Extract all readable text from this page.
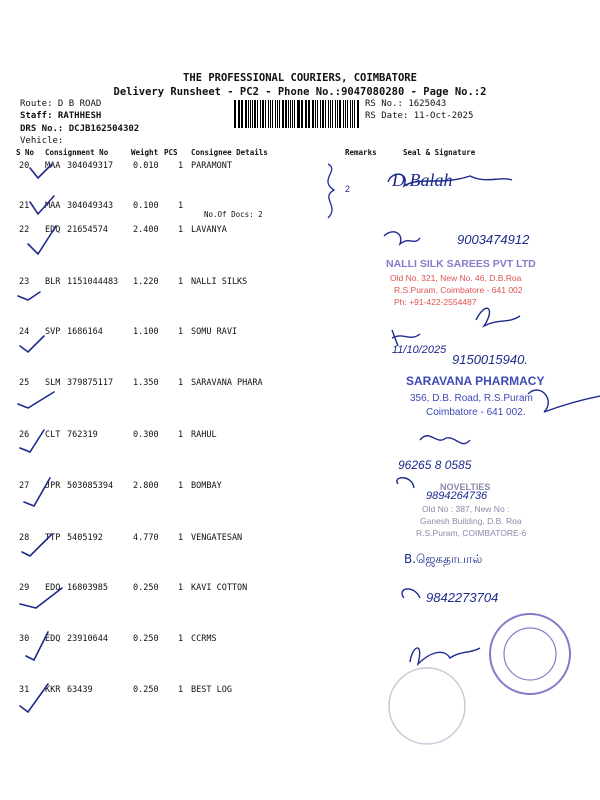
THE PROFESSIONAL COURIERS, COIMBATORE
Delivery Runsheet - PC2 - Phone No.:9047080280 - Page No.:2
Route: D B ROAD
Staff: RATHHESH
DRS No.: DCJB162504302
Vehicle:
RS No.: 1625043
RS Date: 11-Oct-2025
S No Consignment No	Weight PCS Consignee Details	Remarks	Seal & Signature
20 MAA 304049317 0.010 1 PARAMONT
21 MAA 304049343 0.100 1
22 EDQ 21654574	2.400 1 LAVANYA
23 BLR 1151044483 1.220 1 NALLI SILKS
24 SVP 1686164	1.100 1 SOMU RAVI
25 SLM 379875117 1.350 1 SARAVANA PHARA
26 CLT 762319	0.300 1 RAHUL
27 JPR 503085394 2.800 1 BOMBAY
28 TTP 5405192	4.770 1 VENGATESAN
29 EDQ 16803985	0.250 1 KAVI COTTON
30 EDQ 23910644	0.250 1 CCRMS
31 KKR 63439	0.250 1 BEST LOG
No.Of Docs: 2
2 D.Balah
9003474912
NALLI SILK SAREES PVT LTD
Old No. 321, New No. 46, D.B.Roa
R.S.Puram, Coimbatore - 641 002
Ph: +91-422-2554487
11/10/2025
9150015940.
SARAVANA PHARMACY
356, D.B. Road, R.S.Puram
Coimbatore - 641 002.
96265 8 0585
NOVELTIES
9894264736
Old No : 387, New No :
Ganesh Building, D.B. Roa
R.S.Puram, COIMBATORE-6
B.ஜெகதாபால்
9842273704
